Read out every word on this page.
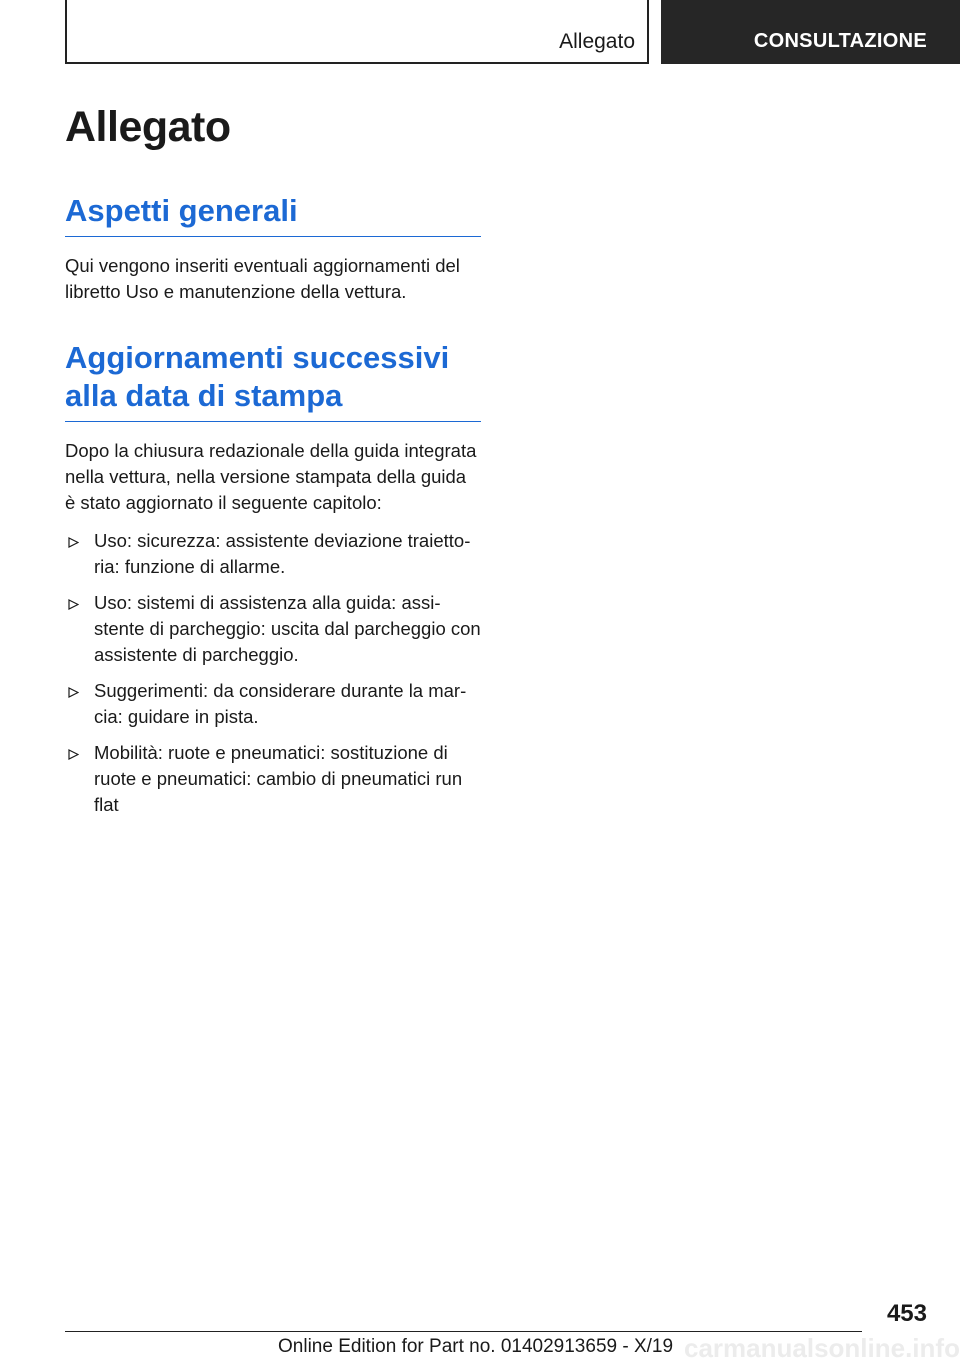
Allegato	CONSULTAZIONE
Allegato
Aspetti generali

Qui vengono inseriti eventuali aggiornamenti del libretto Uso e manutenzione della vettura.

Aggiornamenti successivi
alla data di stampa

Dopo la chiusura redazionale della guida integrata nella vettura, nella versione stampata della guida è stato aggiornato il seguente capitolo:

Uso: sicurezza: assistente deviazione traiettoria: funzione di allarme.
Uso: sistemi di assistenza alla guida: assistente di parcheggio: uscita dal parcheggio con assistente di parcheggio.
Suggerimenti: da considerare durante la marcia: guidare in pista.
Mobilità: ruote e pneumatici: sostituzione di ruote e pneumatici: cambio di pneumatici run flat
453
carmanualsonline.info
Online Edition for Part no. 01402913659 - X/19
